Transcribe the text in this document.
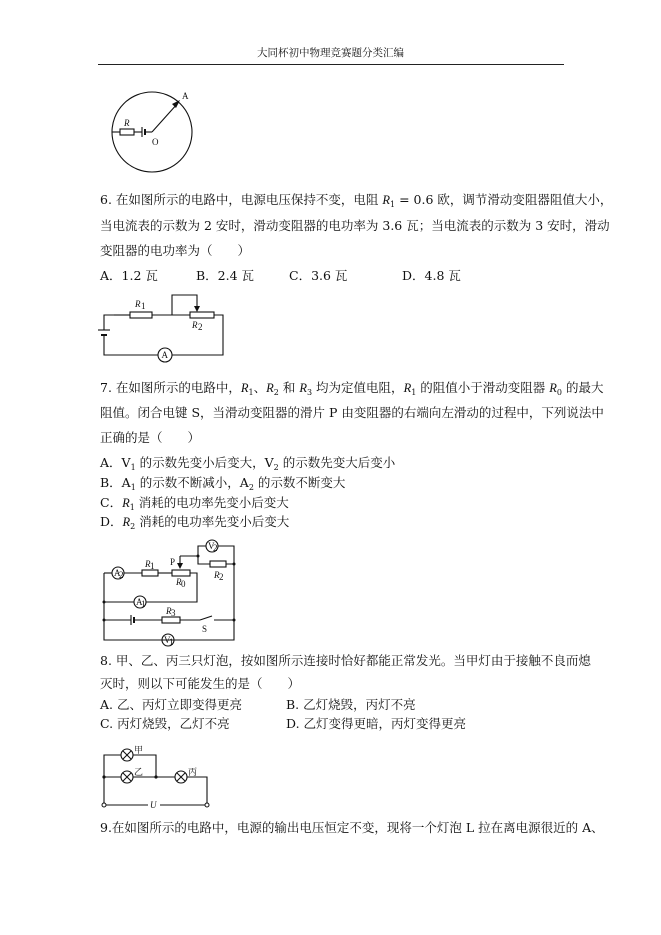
大同杯初中物理竞赛题分类汇编
R
O
A
6. 在如图所示的电路中，电源电压保持不变，电阻 $R_1 = 0.6$ 欧，调节滑动变阻器阻值大小，
当电流表的示数为 2 安时，滑动变阻器的电功率为 3.6 瓦；当电流表的示数为 3 安时，滑动
变阻器的电功率为（　　）
A．1.2 瓦	B．2.4 瓦	C．3.6 瓦	D．4.8 瓦
A
R 1
R 2
7. 在如图所示的电路中，$R_1$、$R_2$ 和 $R_3$ 均为定值电阻，$R_1$ 的阻值小于滑动变阻器 $R_0$ 的最大
阻值。闭合电键 S，当滑动变阻器的滑片 P 由变阻器的右端向左滑动的过程中，下列说法中
正确的是（　　）
A．$V_1$ 的示数先变小后变大，$V_2$ 的示数先变大后变小
B．$A_1$ 的示数不断减小，$A_2$ 的示数不断变大
C．$R_1$ 消耗的电功率先变小后变大
D．$R_2$ 消耗的电功率先变小后变大
A
2
A
1
V
2
V
1
R 1
R 0
R 2
R 3
P
S
8. 甲、乙、丙三只灯泡，按如图所示连接时恰好都能正常发光。当甲灯由于接触不良而熄
灭时，则以下可能发生的是（　　）
A. 乙、丙灯立即变得更亮	B. 乙灯烧毁，丙灯不亮
C. 丙灯烧毁，乙灯不亮	D. 乙灯变得更暗，丙灯变得更亮
甲
乙	丙
U
9.在如图所示的电路中，电源的输出电压恒定不变，现将一个灯泡 L 拉在离电源很近的 A、
